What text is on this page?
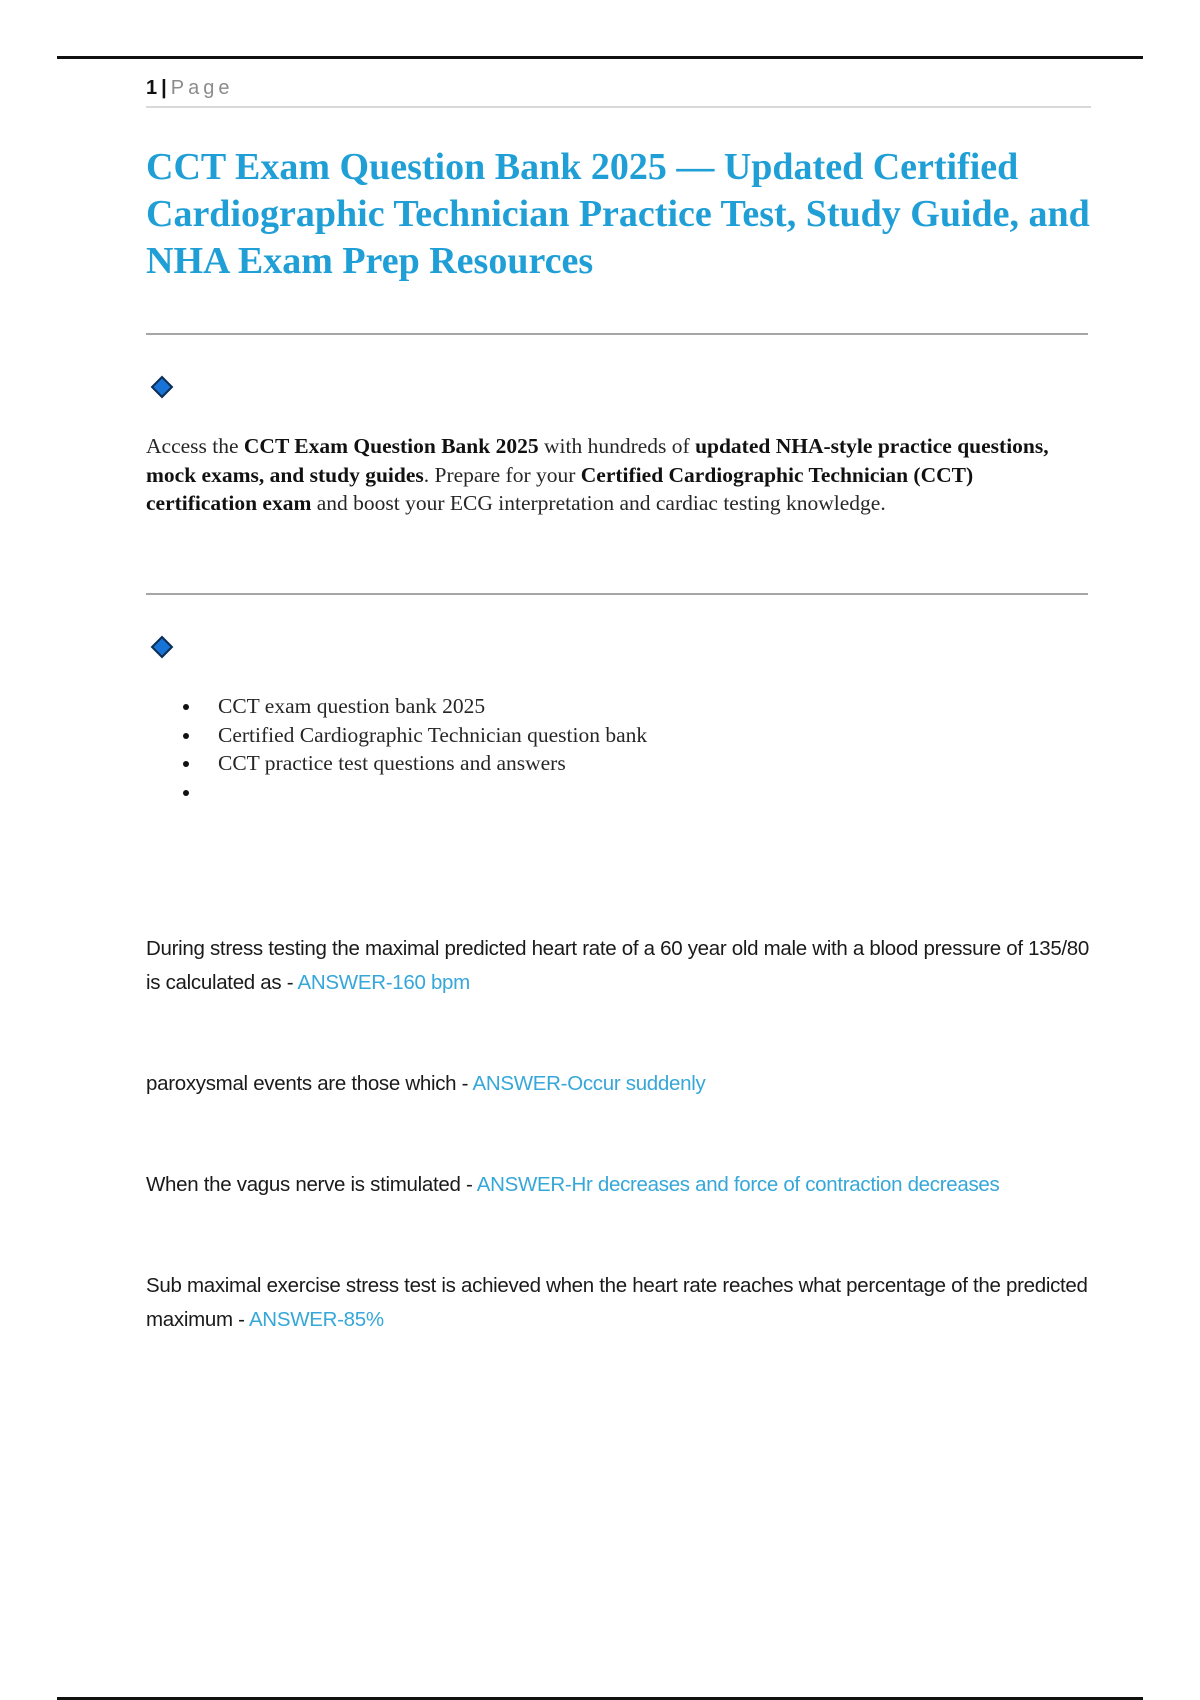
1 | Page
CCT Exam Question Bank 2025 — Updated Certified Cardiographic Technician Practice Test, Study Guide, and NHA Exam Prep Resources

Access the CCT Exam Question Bank 2025 with hundreds of updated NHA-style practice questions, mock exams, and study guides. Prepare for your Certified Cardiographic Technician (CCT) certification exam and boost your ECG interpretation and cardiac testing knowledge.

CCT exam question bank 2025
Certified Cardiographic Technician question bank
CCT practice test questions and answers

During stress testing the maximal predicted heart rate of a 60 year old male with a blood pressure of 135/80 is calculated as - ANSWER-160 bpm

paroxysmal events are those which - ANSWER-Occur suddenly

When the vagus nerve is stimulated - ANSWER-Hr decreases and force of contraction decreases

Sub maximal exercise stress test is achieved when the heart rate reaches what percentage of the predicted maximum - ANSWER-85%
